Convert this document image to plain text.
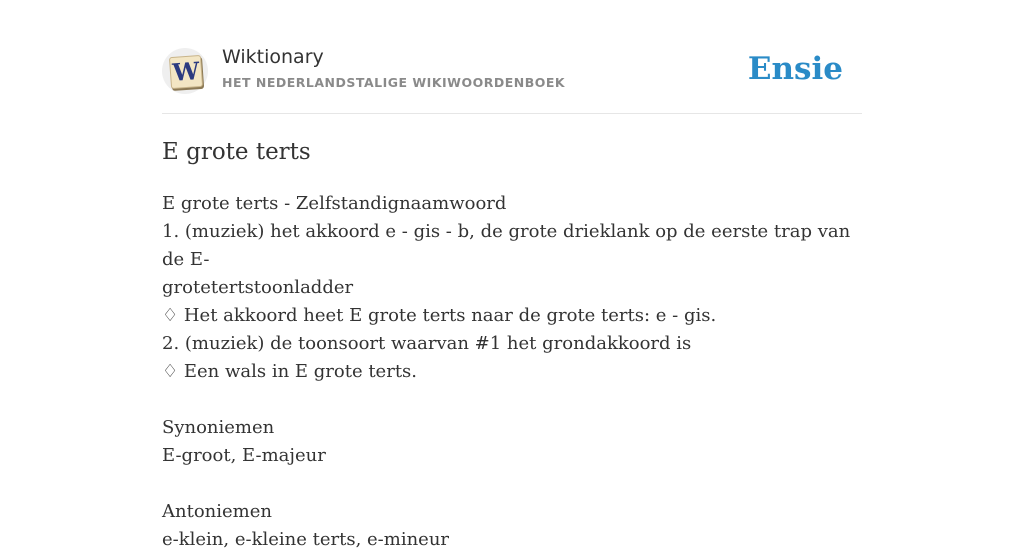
W Wiktionary
HET NEDERLANDSTALIGE WIKIWOORDENBOEK	Ensie
E grote terts
E grote terts - Zelfstandignaamwoord
1. (muziek) het akkoord e - gis - b, de grote drieklank op de eerste trap van de E-
grotetertstoonladder
♢ Het akkoord heet E grote terts naar de grote terts: e - gis.
2. (muziek) de toonsoort waarvan #1 het grondakkoord is
♢ Een wals in E grote terts.
Synoniemen
E-groot, E-majeur
Antoniemen
e-klein, e-kleine terts, e-mineur
